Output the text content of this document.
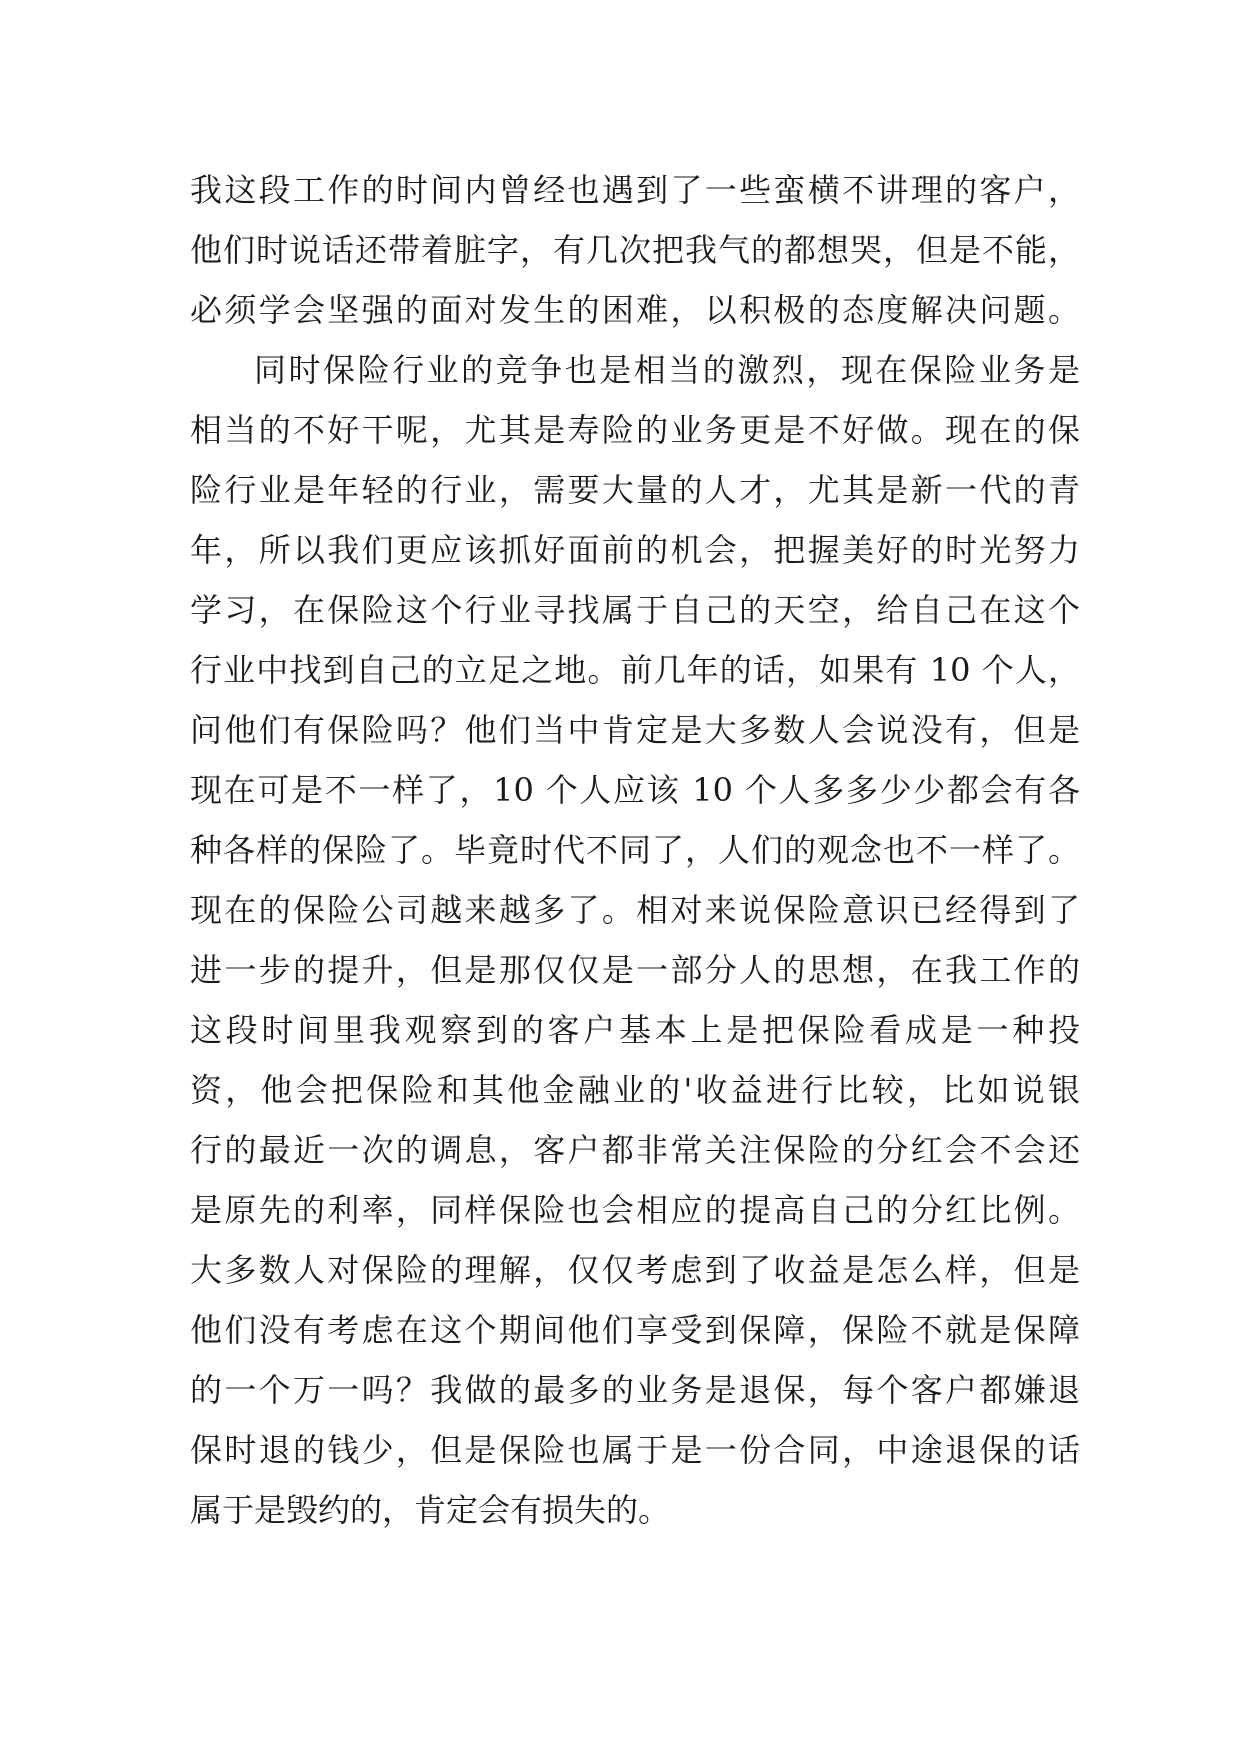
我这段工作的时间内曾经也遇到了一些蛮横不讲理的客户，
他们时说话还带着脏字，有几次把我气的都想哭，但是不能，
必须学会坚强的面对发生的困难，以积极的态度解决问题。
同时保险行业的竞争也是相当的激烈，现在保险业务是
相当的不好干呢，尤其是寿险的业务更是不好做。现在的保
险行业是年轻的行业，需要大量的人才，尤其是新一代的青
年，所以我们更应该抓好面前的机会，把握美好的时光努力
学习，在保险这个行业寻找属于自己的天空，给自己在这个
行业中找到自己的立足之地。前几年的话，如果有 10 个人，
问他们有保险吗？他们当中肯定是大多数人会说没有，但是
现在可是不一样了，10 个人应该 10 个人多多少少都会有各
种各样的保险了。毕竟时代不同了，人们的观念也不一样了。
现在的保险公司越来越多了。相对来说保险意识已经得到了
进一步的提升，但是那仅仅是一部分人的思想，在我工作的
这段时间里我观察到的客户基本上是把保险看成是一种投
资，他会把保险和其他金融业的'收益进行比较，比如说银
行的最近一次的调息，客户都非常关注保险的分红会不会还
是原先的利率，同样保险也会相应的提高自己的分红比例。
大多数人对保险的理解，仅仅考虑到了收益是怎么样，但是
他们没有考虑在这个期间他们享受到保障，保险不就是保障
的一个万一吗？我做的最多的业务是退保，每个客户都嫌退
保时退的钱少，但是保险也属于是一份合同，中途退保的话
属于是毁约的，肯定会有损失的。
